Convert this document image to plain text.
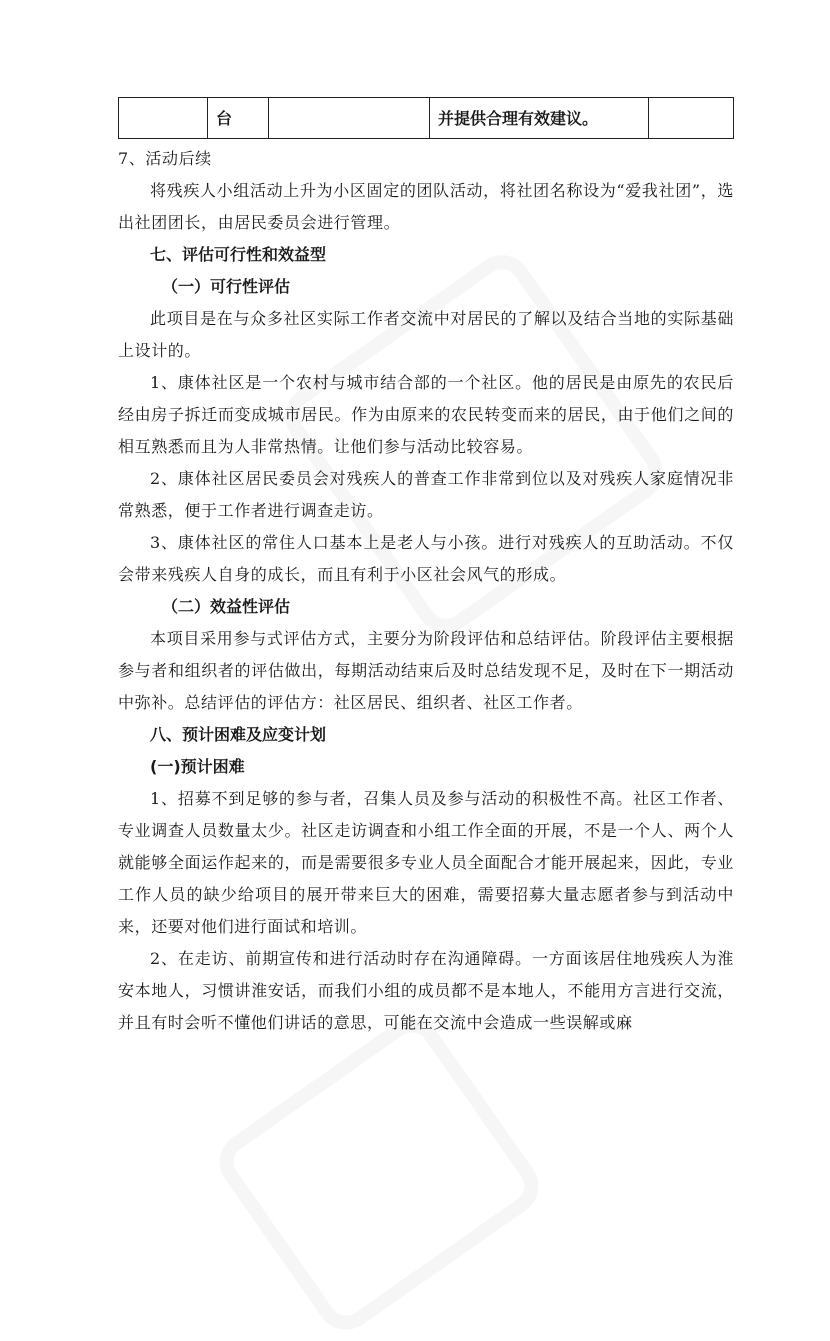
	台		并提供合理有效建议。	

7、活动后续

将残疾人小组活动上升为小区固定的团队活动，将社团名称设为“爱我社团”，选出社团团长，由居民委员会进行管理。

七、评估可行性和效益型

（一）可行性评估

此项目是在与众多社区实际工作者交流中对居民的了解以及结合当地的实际基础上设计的。

1、康体社区是一个农村与城市结合部的一个社区。他的居民是由原先的农民后经由房子拆迁而变成城市居民。作为由原来的农民转变而来的居民，由于他们之间的相互熟悉而且为人非常热情。让他们参与活动比较容易。

2、康体社区居民委员会对残疾人的普查工作非常到位以及对残疾人家庭情况非常熟悉，便于工作者进行调查走访。

3、康体社区的常住人口基本上是老人与小孩。进行对残疾人的互助活动。不仅会带来残疾人自身的成长，而且有利于小区社会风气的形成。

（二）效益性评估

本项目采用参与式评估方式，主要分为阶段评估和总结评估。阶段评估主要根据参与者和组织者的评估做出，每期活动结束后及时总结发现不足，及时在下一期活动中弥补。总结评估的评估方：社区居民、组织者、社区工作者。

八、预计困难及应变计划

(一)预计困难

1、招募不到足够的参与者，召集人员及参与活动的积极性不高。社区工作者、专业调查人员数量太少。社区走访调查和小组工作全面的开展，不是一个人、两个人就能够全面运作起来的，而是需要很多专业人员全面配合才能开展起来，因此，专业工作人员的缺少给项目的展开带来巨大的困难，需要招募大量志愿者参与到活动中来，还要对他们进行面试和培训。

2、在走访、前期宣传和进行活动时存在沟通障碍。一方面该居住地残疾人为淮安本地人，习惯讲淮安话，而我们小组的成员都不是本地人，不能用方言进行交流，并且有时会听不懂他们讲话的意思，可能在交流中会造成一些误解或麻
